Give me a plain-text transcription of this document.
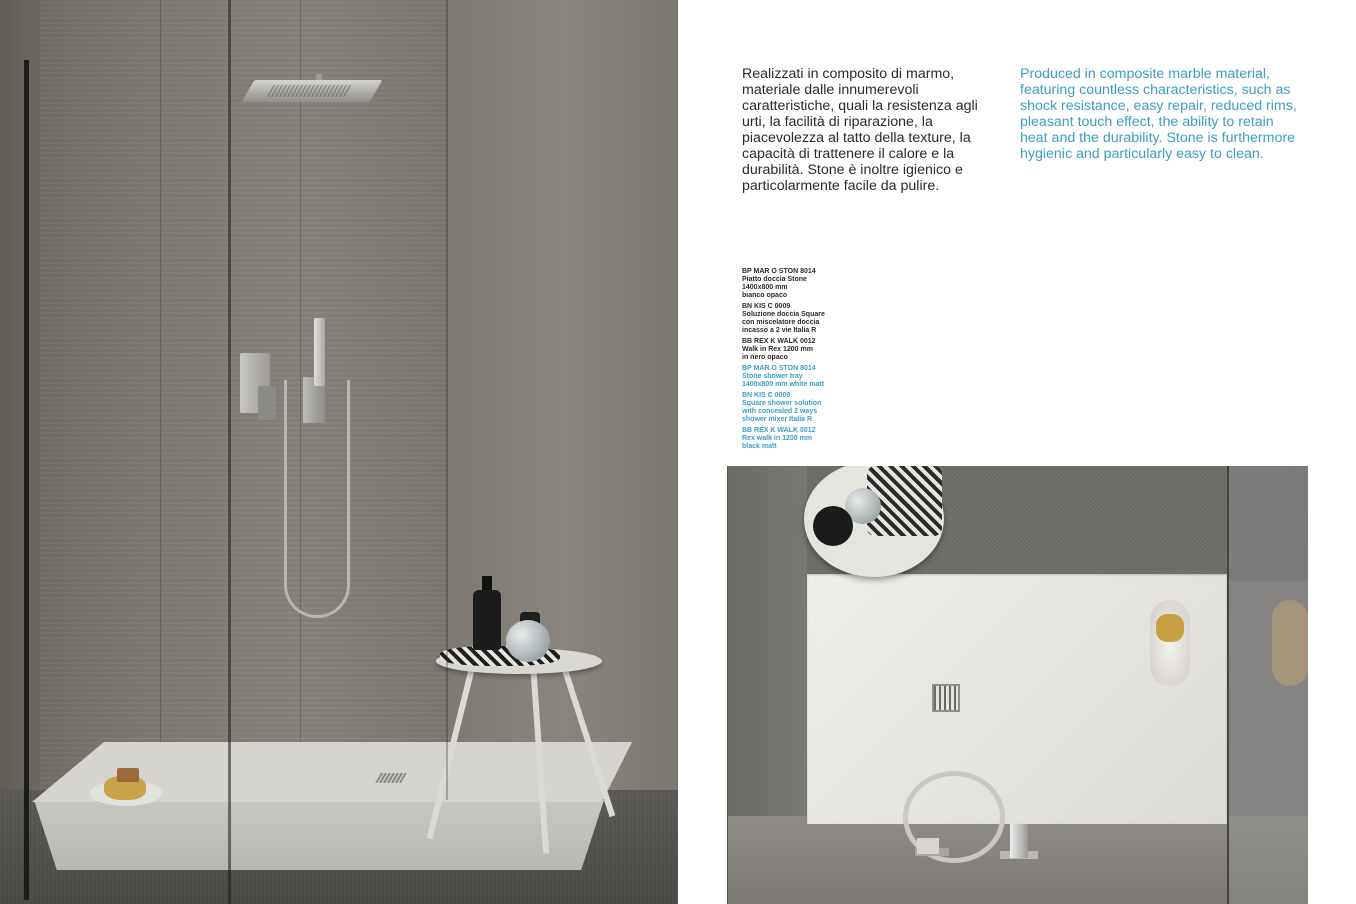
Realizzati in composito di marmo, materiale dalle innumerevoli caratteristiche, quali la resistenza agli urti, la facilità di riparazione, la piacevolezza al tatto della texture, la capacità di trattenere il calore e la durabilità. Stone è inoltre igienico e particolarmente facile da pulire.

Produced in composite marble material, featuring countless characteristics, such as shock resistance, easy repair, reduced rims, pleasant touch effect, the ability to retain heat and the durability. Stone is furthermore hygienic and particularly easy to clean.

BP MAR O STON 8014
Piatto doccia Stone
1400x800 mm
bianco opaco
BN KIS C 0009
Soluzione doccia Square
con miscelatore doccia
incasso a 2 vie Italia R
BB REX K WALK 0012
Walk in Rex 1200 mm
in nero opaco
BP MAR O STON 8014
Stone shower tray
1400x800 mm white matt
BN KIS C 0009
Square shower solution
with concealed 2 ways
shower mixer Italia R
BB REX K WALK 0012
Rex walk in 1200 mm
black matt
